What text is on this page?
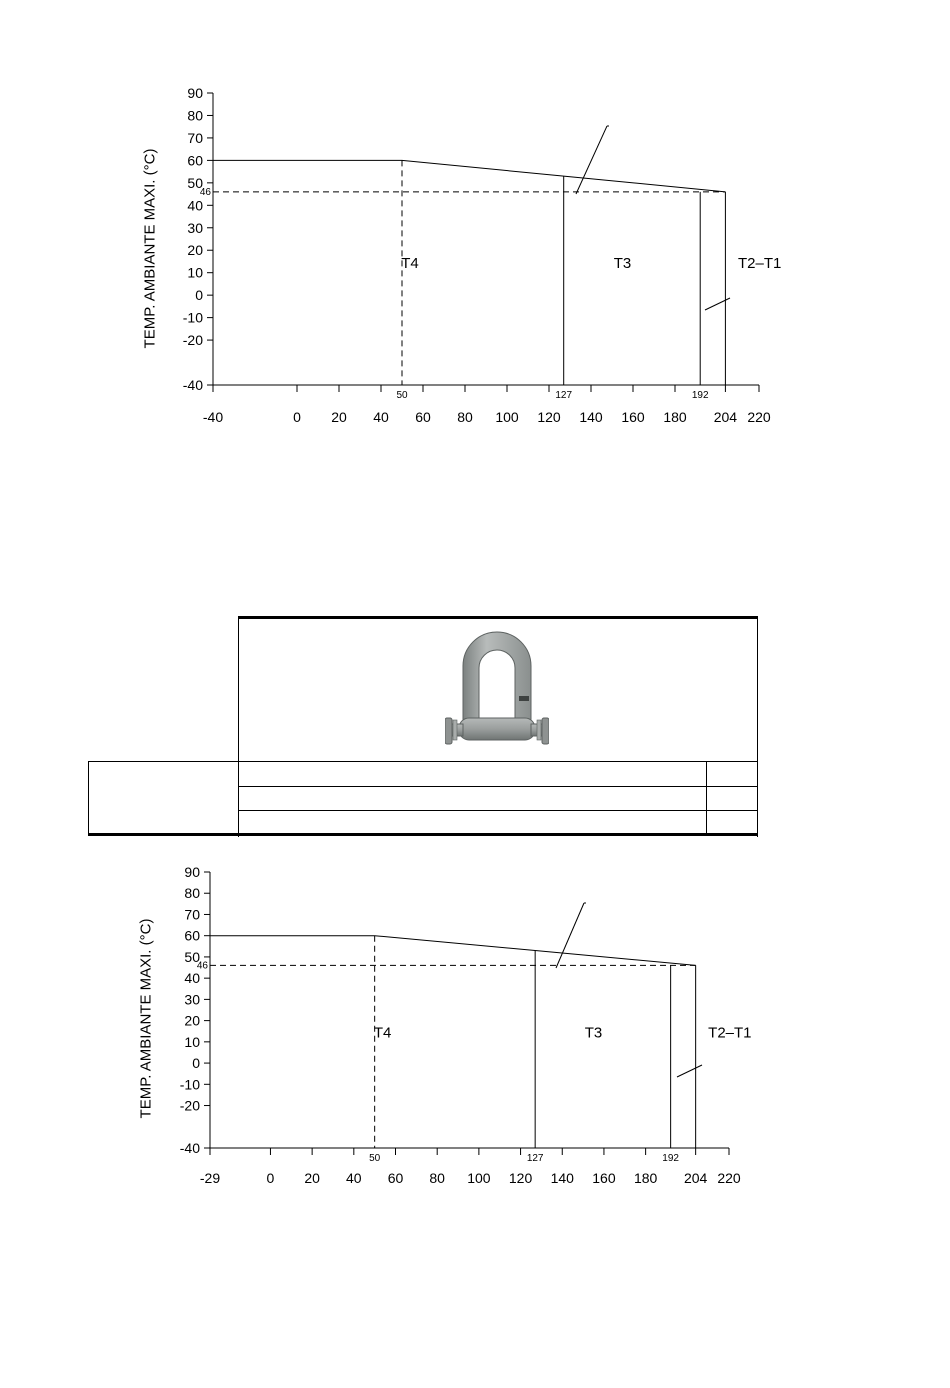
90
80
70
60
50
40
30
20
10
0
-10
-20
-40
-40	0 20 40 60 80 100 120 140 160 180 204 220
46
50	127	192
T4	T3	T2–T1
TEMP. AMBIANTE MAXI. (°C)
90
80
70
60
50
40
30
20
10
0
-10
-20
-40
-29	0 20 40 60 80 100 120 140 160 180 204 220
46
50	127	192
T4	T3	T2–T1
TEMP. AMBIANTE MAXI. (°C)
